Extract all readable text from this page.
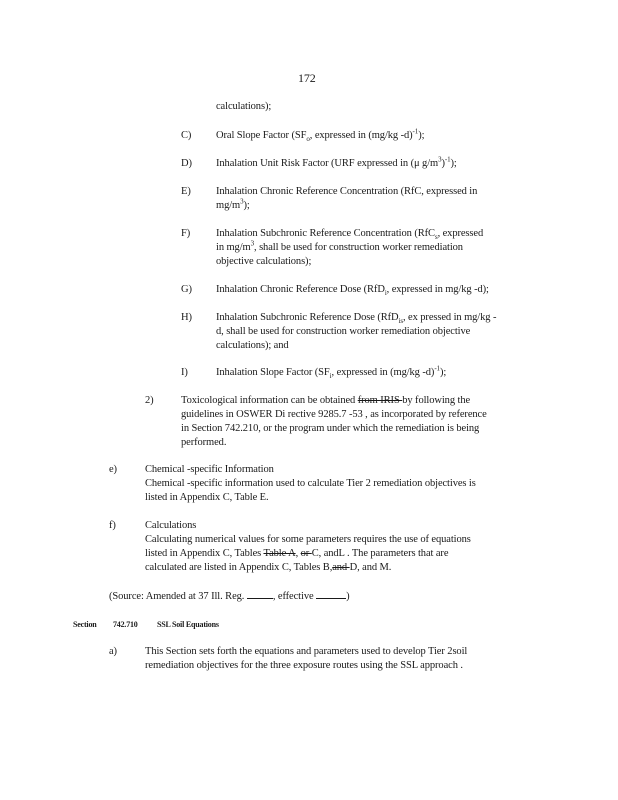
172
calculations);
C) Oral Slope Factor ($SF_o$, expressed in (mg/kg -d)$^{-1}$);
D) Inhalation Unit Risk Factor (URF expressed in (μ $g/m^3)^{-1}$);
E) Inhalation Chronic Reference Concentration (RfC, expressed in
$mg/m^3$);
F) Inhalation Subchronic Reference Concentration (RfC$_s$, expressed
in $mg/m^3$, shall be used for construction worker remediation
objective calculations);
G) Inhalation Chronic Reference Dose (RfD$_i$, expressed in mg/kg -d);
H) Inhalation Subchronic Reference Dose (RfD$_{is}$, ex pressed in mg/kg -
d, shall be used for construction worker remediation objective
calculations); and
I)	Inhalation Slope Factor ($SF_i$, expressed in (mg/kg -d)$^{-1}$);
2)	Toxicological information can be obtained from IRIS by following the
guidelines in OSWER Di rective 9285.7 -53 , as incorporated by reference
in Section 742.210, or the program under which the remediation is being
performed.
e)	Chemical -specific Information
Chemical -specific information used to calculate Tier 2 remediation objectives is
listed in Appendix C, Table E.
f)	Calculations
Calculating numerical values for some parameters requires the use of equations
listed in Appendix C, Tables Table A, or C, andL . The parameters that are
calculated are listed in Appendix C, Tables B,and D, and M.
(Source: Amended at 37 Ill. Reg.	, effective	)
Section 742.710 SSL Soil Equations
a)	This Section sets forth the equations and parameters used to develop Tier 2soil
remediation objectives for the three exposure routes using the SSL approach .
